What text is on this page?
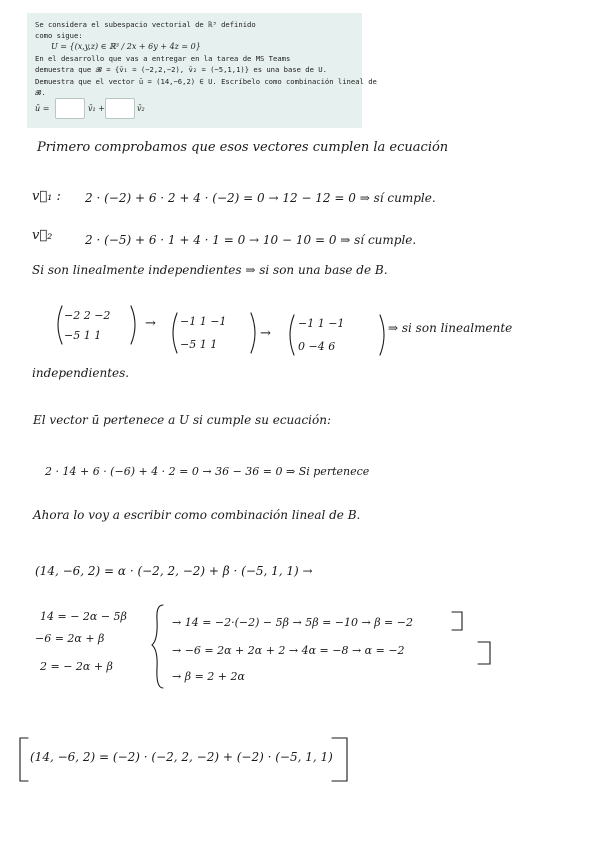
Se considera el subespacio vectorial de ℝ³ definido
como sigue:
U = {(x,y,z) ∈ ℝ³ / 2x + 6y + 4z = 0}
En el desarrollo que vas a entregar en la tarea de MS Teams
demuestra que 𝓑 = {v̄₁ = (−2,2,−2), v̄₂ = (−5,1,1)} es una base de U.
Demuestra que el vector ū = (14,−6,2) ∈ U. Escríbelo como combinación lineal de
𝓑.
ū =	v̄₁ +	v̄₂
Primero comprobamos que esos vectores cumplen la ecuación
v⃗₁ : 2 · (−2) + 6 · 2 + 4 · (−2) = 0 → 12 − 12 = 0 ⇒ sí cumple.
v⃗₂	2 · (−5) + 6 · 1 + 4 · 1 = 0 → 10 − 10 = 0 ⇒ sí cumple.
Si son linealmente independientes ⇒ si son una base de B.
−2 2 −2
−5 1 1
→ −1 1 −1
−5 1 1
→
−1 1 −1
0 −4 6
⇒ si son linealmente
independientes.
El vector ū pertenece a U si cumple su ecuación:
2 · 14 + 6 · (−6) + 4 · 2 = 0 → 36 − 36 = 0 ⇒ Si pertenece
Ahora lo voy a escribir como combinación lineal de B.
(14, −6, 2) = α · (−2, 2, −2) + β · (−5, 1, 1) →
14 = − 2α − 5β
−6 = 2α + β
2 = − 2α + β
→ 14 = −2·(−2) − 5β → 5β = −10 → β = −2
→ −6 = 2α + 2α + 2 → 4α = −8 → α = −2
→ β = 2 + 2α
(14, −6, 2) = (−2) · (−2, 2, −2) + (−2) · (−5, 1, 1)
